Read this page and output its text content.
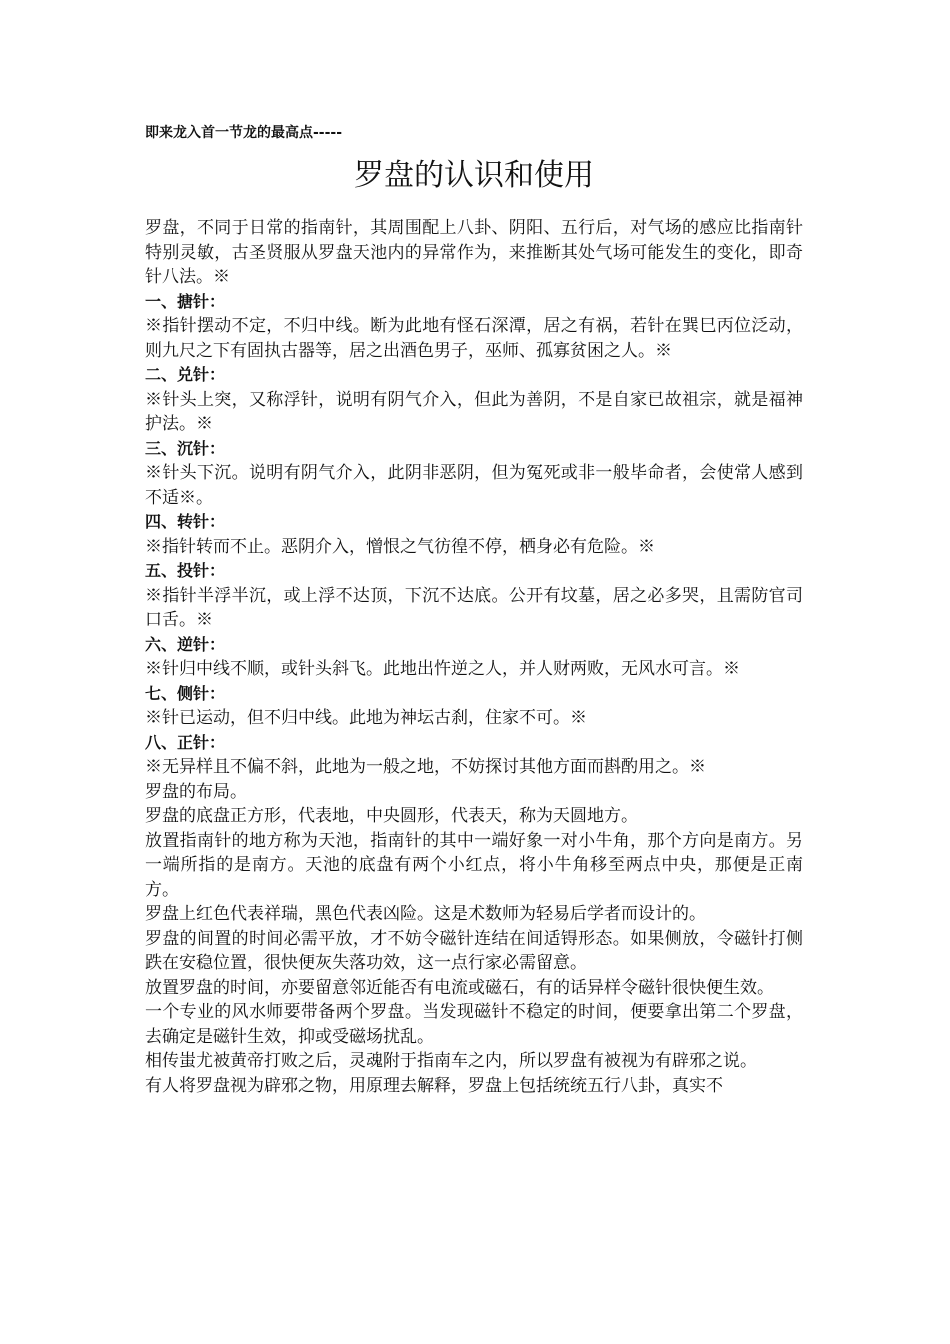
即来龙入首一节龙的最高点-----

罗盘的认识和使用

罗盘，不同于日常的指南针，其周围配上八卦、阴阳、五行后，对气场的感应比指南针特别灵敏，古圣贤服从罗盘天池内的异常作为，来推断其处气场可能发生的变化，即奇针八法。※

一、搪针：

※指针摆动不定，不归中线。断为此地有怪石深潭，居之有祸，若针在巽巳丙位泛动，则九尺之下有固执古器等，居之出酒色男子，巫师、孤寡贫困之人。※

二、兑针：

※针头上突，又称浮针，说明有阴气介入，但此为善阴，不是自家已故祖宗，就是福神护法。※

三、沉针：

※针头下沉。说明有阴气介入，此阴非恶阴，但为冤死或非一般毕命者，会使常人感到不适※。

四、转针：

※指针转而不止。恶阴介入，憎恨之气彷徨不停，栖身必有危险。※

五、投针：

※指针半浮半沉，或上浮不达顶，下沉不达底。公开有坟墓，居之必多哭，且需防官司口舌。※

六、逆针：

※针归中线不顺，或针头斜飞。此地出忤逆之人，并人财两败，无风水可言。※

七、侧针：

※针已运动，但不归中线。此地为神坛古刹，住家不可。※

八、正针：

※无异样且不偏不斜，此地为一般之地，不妨探讨其他方面而斟酌用之。※

罗盘的布局。

罗盘的底盘正方形，代表地，中央圆形，代表天，称为天圆地方。

放置指南针的地方称为天池，指南针的其中一端好象一对小牛角，那个方向是南方。另一端所指的是南方。天池的底盘有两个小红点，将小牛角移至两点中央，那便是正南方。

罗盘上红色代表祥瑞，黑色代表凶险。这是术数师为轻易后学者而设计的。

罗盘的间置的时间必需平放，才不妨令磁针连结在间适锝形态。如果侧放，令磁针打侧跌在安稳位置，很快便灰失落功效，这一点行家必需留意。

放置罗盘的时间，亦要留意邻近能否有电流或磁石，有的话异样令磁针很快便生效。

一个专业的风水师要带备两个罗盘。当发现磁针不稳定的时间，便要拿出第二个罗盘，去确定是磁针生效，抑或受磁场扰乱。

相传蚩尤被黄帝打败之后，灵魂附于指南车之内，所以罗盘有被视为有辟邪之说。

有人将罗盘视为辟邪之物，用原理去解释，罗盘上包括统统五行八卦，真实不
